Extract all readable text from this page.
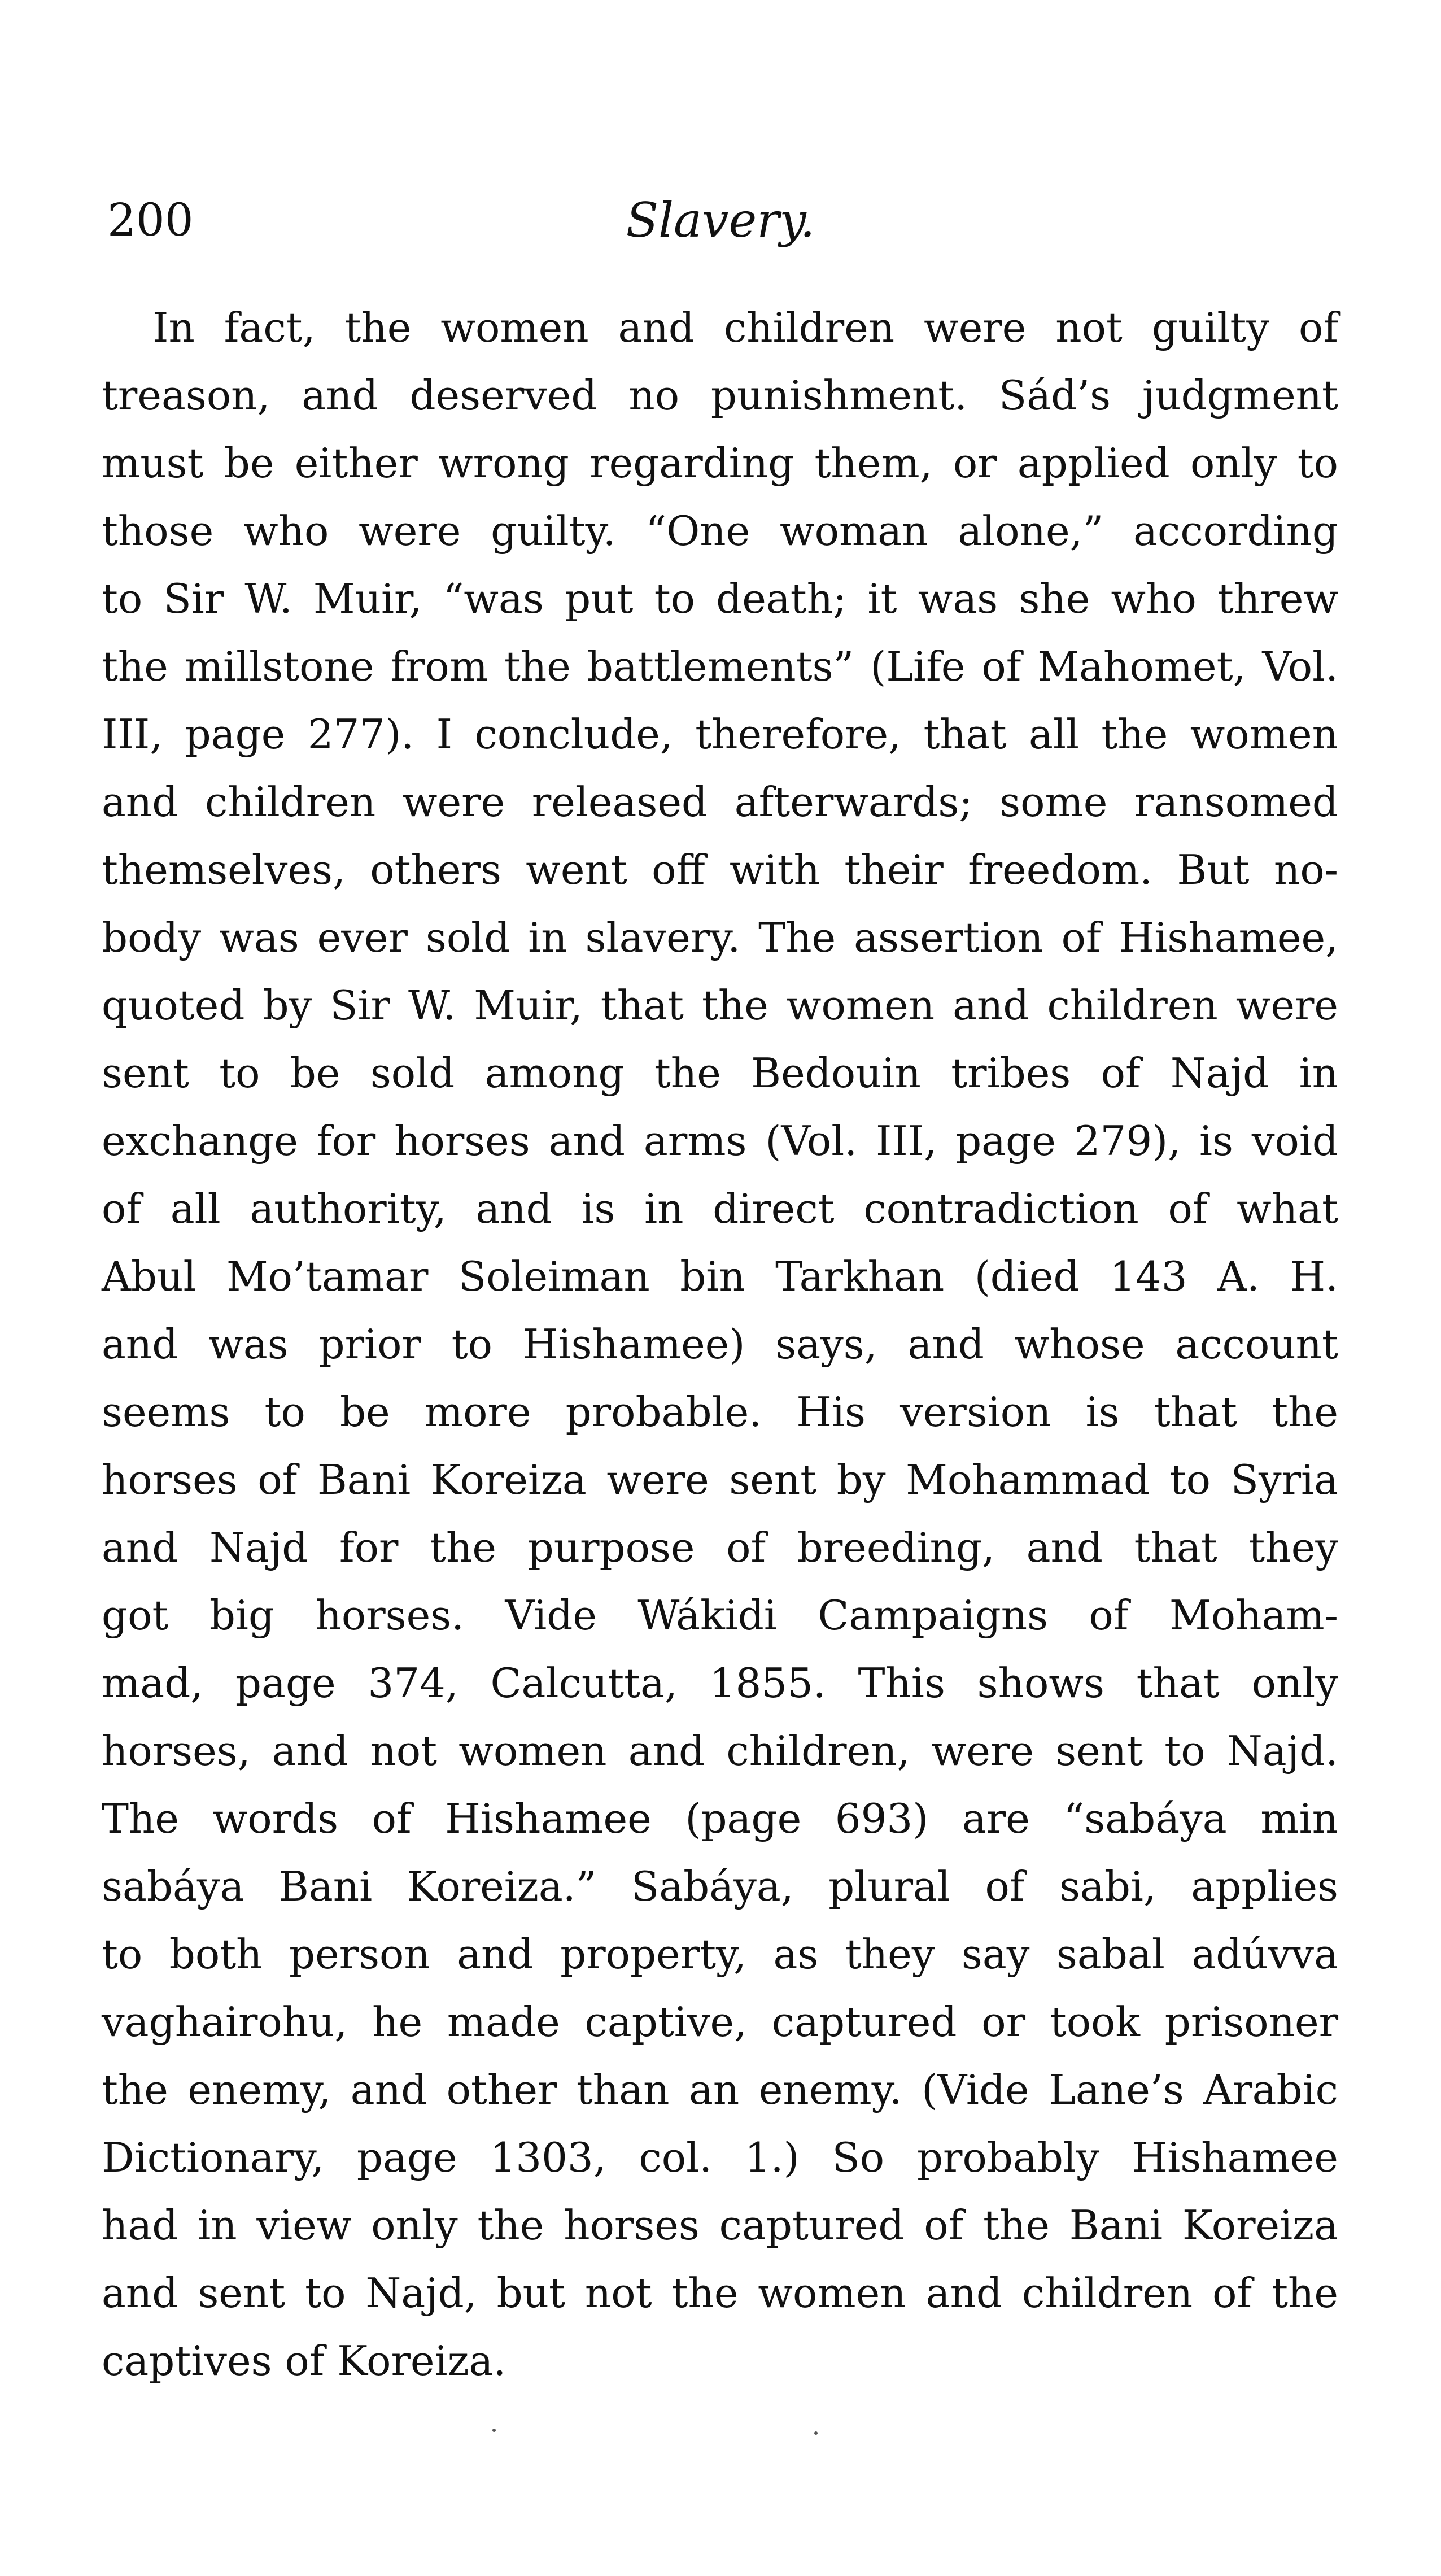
200	Slavery.
In fact, the women and children were not guilty of
treason, and deserved no punishment. Sád’s judgment
must be either wrong regarding them, or applied only to
those who were guilty. “One woman alone,” according
to Sir W. Muir, “was put to death; it was she who threw
the millstone from the battlements” (Life of Mahomet, Vol.
III, page 277). I conclude, therefore, that all the women
and children were released afterwards; some ransomed
themselves, others went off with their freedom. But no-
body was ever sold in slavery. The assertion of Hishamee,
quoted by Sir W. Muir, that the women and children were
sent to be sold among the Bedouin tribes of Najd in
exchange for horses and arms (Vol. III, page 279), is void
of all authority, and is in direct contradiction of what
Abul Mo’tamar Soleiman bin Tarkhan (died 143 A. H.
and was prior to Hishamee) says, and whose account
seems to be more probable. His version is that the
horses of Bani Koreiza were sent by Mohammad to Syria
and Najd for the purpose of breeding, and that they
got big horses. Vide Wákidi Campaigns of Moham-
mad, page 374, Calcutta, 1855. This shows that only
horses, and not women and children, were sent to Najd.
The words of Hishamee (page 693) are “sabáya min
sabáya Bani Koreiza.” Sabáya, plural of sabi, applies
to both person and property, as they say sabal adúvva
vaghairohu, he made captive, captured or took prisoner
the enemy, and other than an enemy. (Vide Lane’s Arabic
Dictionary, page 1303, col. 1.) So probably Hishamee
had in view only the horses captured of the Bani Koreiza
and sent to Najd, but not the women and children of the
captives of Koreiza.
